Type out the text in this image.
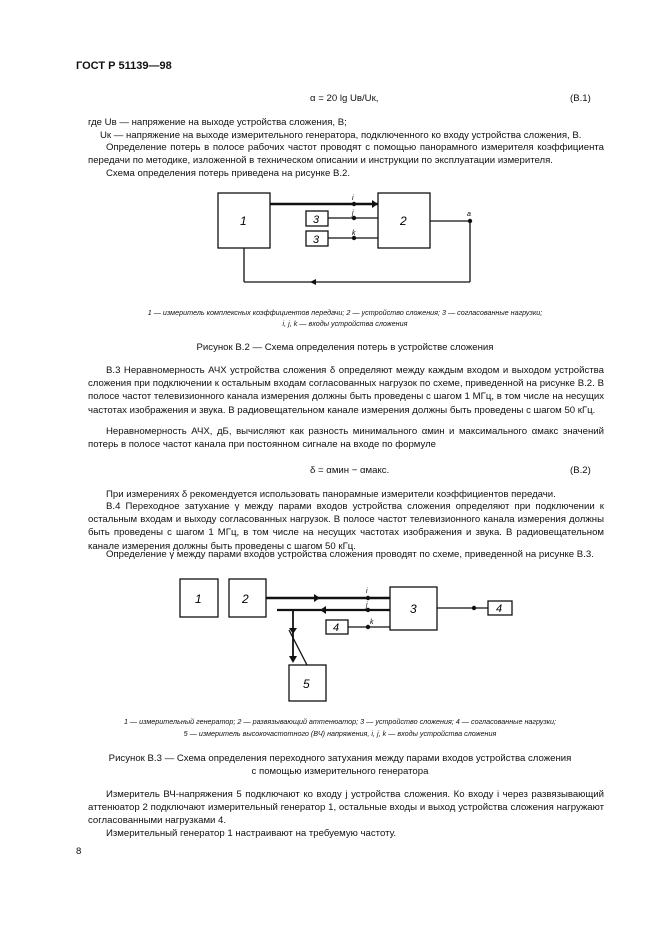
ГОСТ Р 51139—98
α = 20 lg Uв/Uк,	(В.1)
где Uв — напряжение на выходе устройства сложения, В;
Uк — напряжение на выходе измерительного генератора, подключенного ко входу устройства сложения, В.
Определение потерь в полосе рабочих частот проводят с помощью панорамного измерителя коэффициента передачи по методике, изложенной в техническом описании и инструкции по эксплуатации измерителя.
Схема определения потерь приведена на рисунке В.2.
1	2
3
3
i
j
k
a
1 — измеритель комплексных коэффициентов передачи; 2 — устройство сложения; 3 — согласованные нагрузки;
i, j, k — входы устройства сложения
Рисунок В.2 — Схема определения потерь в устройстве сложения
В.3 Неравномерность АЧХ устройства сложения δ определяют между каждым входом и выходом устройства сложения при подключении к остальным входам согласованных нагрузок по схеме, приведенной на рисунке В.2. В полосе частот телевизионного канала измерения должны быть проведены с шагом 1 МГц, в том числе на несущих частотах изображения и звука. В радиовещательном канале измерения должны быть проведены с шагом 50 кГц.
Неравномерность АЧХ, дБ, вычисляют как разность минимального αмин и максимального αмакс значений потерь в полосе частот канала при постоянном сигнале на входе по формуле
δ = αмин − αмакс.	(В.2)
При измерениях δ рекомендуется использовать панорамные измерители коэффициентов передачи.
В.4 Переходное затухание γ между парами входов устройства сложения определяют при подключении к остальным входам и выходу согласованных нагрузок. В полосе частот телевизионного канала измерения должны быть проведены с шагом 1 МГц, в том числе на несущих частотах изображения и звука. В радиовещательном канале измерения должны быть проведены с шагом 50 кГц.
Определение γ между парами входов устройства сложения проводят по схеме, приведенной на рисунке В.3.
1	2
3	4
4
5
i
j
k
1 — измерительный генератор; 2 — развязывающий аттенюатор; 3 — устройство сложения; 4 — согласованные нагрузки;
5 — измеритель высокочастотного (ВЧ) напряжения, i, j, k — входы устройства сложения
Рисунок В.3 — Схема определения переходного затухания между парами входов устройства сложения
с помощью измерительного генератора
Измеритель ВЧ-напряжения 5 подключают ко входу j устройства сложения. Ко входу i через развязывающий аттенюатор 2 подключают измерительный генератор 1, остальные входы и выход устройства сложения нагружают согласованными нагрузками 4.
Измерительный генератор 1 настраивают на требуемую частоту.
8
